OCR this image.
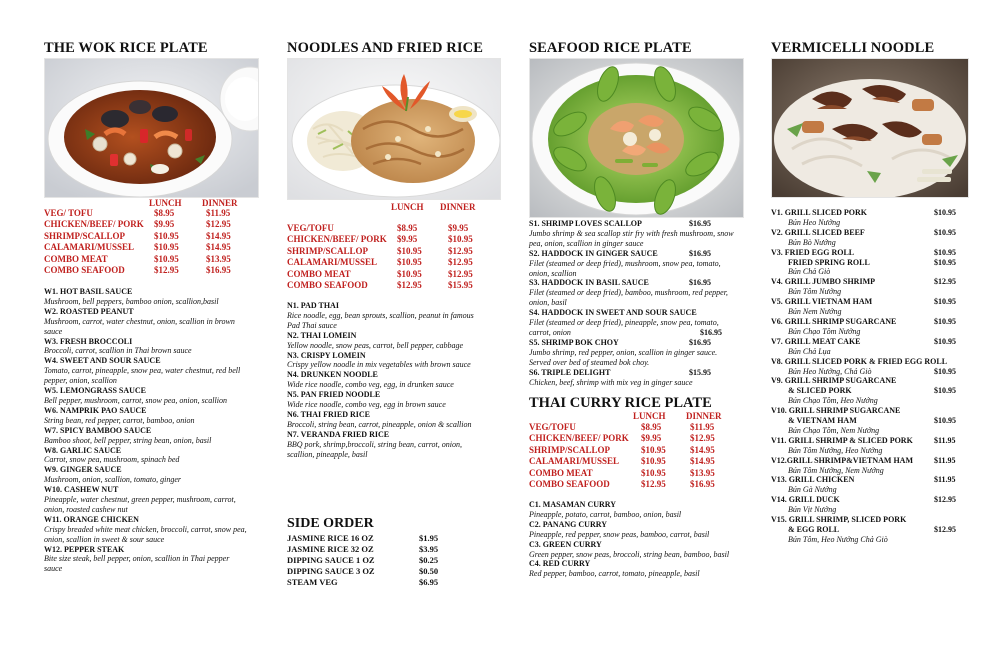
THE WOK RICE PLATE
LUNCH DINNER
VEG/ TOFU	$8.95	$11.95
CHICKEN/BEEF/ PORK $9.95	$12.95
SHRIMP/SCALLOP	$10.95	$14.95
CALAMARI/MUSSEL $10.95	$14.95
COMBO MEAT	$10.95	$13.95
COMBO SEAFOOD	$12.95	$16.95
W1. HOT BASIL SAUCE
Mushroom, bell peppers, bamboo onion, scallion,basil
W2. ROASTED PEANUT
Mushroom, carrot, water chestnut, onion, scallion in brown sauce
W3. FRESH BROCCOLI
Broccoli, carrot, scallion in Thai brown sauce
W4. SWEET AND SOUR SAUCE
Tomato, carrot, pineapple, snow pea, water chestnut, red bell pepper, onion, scallion
W5. LEMONGRASS SAUCE
Bell pepper, mushroom, carrot, snow pea, onion, scallion
W6. NAMPRIK PAO SAUCE
String bean, red pepper, carrot, bamboo, onion
W7. SPICY BAMBOO SAUCE
Bamboo shoot, bell pepper, string bean, onion, basil
W8. GARLIC SAUCE
Carrot, snow pea, mushroom, spinach bed
W9. GINGER SAUCE
Mushroom, onion, scallion, tomato, ginger
W10. CASHEW NUT
Pineapple, water chestnut, green pepper, mushroom, carrot, onion, roasted cashew nut
W11. ORANGE CHICKEN
Crispy breaded white meat chicken, broccoli, carrot, snow pea, onion, scallion in sweet & sour sauce
W12. PEPPER STEAK
Bite size steak, bell pepper, onion, scallion in Thai pepper sauce
NOODLES AND FRIED RICE
LUNCH DINNER
VEG/TOFU	$8.95	$9.95
CHICKEN/BEEF/ PORK $9.95	$10.95
SHRIMP/SCALLOP	$10.95	$12.95
CALAMARI/MUSSEL $10.95	$12.95
COMBO MEAT	$10.95	$12.95
COMBO SEAFOOD	$12.95	$15.95
N1. PAD THAI
Rice noodle, egg, bean sprouts, scallion, peanut in famous Pad Thai sauce
N2. THAI LOMEIN
Yellow noodle, snow peas, carrot, bell pepper, cabbage
N3. CRISPY LOMEIN
Crispy yellow noodle in mix vegetables with brown sauce
N4. DRUNKEN NOODLE
Wide rice noodle, combo veg, egg, in drunken sauce
N5. PAN FRIED NOODLE
Wide rice noodle, combo veg, egg in brown sauce
N6. THAI FRIED RICE
Broccoli, string bean, carrot, pineapple, onion & scallion
N7. VERANDA FRIED RICE
BBQ pork, shrimp,broccoli, string bean, carrot, onion, scallion, pineapple, basil
SIDE ORDER
JASMINE RICE 16 OZ	$1.95
JASMINE RICE 32 OZ	$3.95
DIPPING SAUCE 1 OZ	$0.25
DIPPING SAUCE 3 OZ	$0.50
STEAM VEG	$6.95
SEAFOOD RICE PLATE
S1. SHRIMP LOVES SCALLOP	$16.95
Jumbo shrimp & sea scallop stir fry with fresh mushroom, snow pea, onion, scallion in ginger sauce
S2. HADDOCK IN GINGER SAUCE	$16.95
Filet (steamed or deep fried), mushroom, snow pea, tomato, onion, scallion
S3. HADDOCK IN BASIL SAUCE	$16.95
Filet (steamed or deep fried), bamboo, mushroom, red pepper, onion, basil
S4. HADDOCK IN SWEET AND SOUR SAUCE
Filet (steamed or deep fried), pineapple, snow pea, tomato, carrot, onion	$16.95
S5. SHRIMP BOK CHOY	$16.95
Jumbo shrimp, red pepper, onion, scallion in ginger sauce. Served over bed of steamed bok choy.
S6. TRIPLE DELIGHT	$15.95
Chicken, beef, shrimp with mix veg in ginger sauce
THAI CURRY RICE PLATE
LUNCH DINNER
VEG/TOFU	$8.95	$11.95
CHICKEN/BEEF/ PORK $9.95	$12.95
SHRIMP/SCALLOP	$10.95	$14.95
CALAMARI/MUSSEL $10.95	$14.95
COMBO MEAT	$10.95	$13.95
COMBO SEAFOOD	$12.95	$16.95
C1. MASAMAN CURRY
Pineapple, potato, carrot, bamboo, onion, basil
C2. PANANG CURRY
Pineapple, red pepper, snow peas, bamboo, carrot, basil
C3. GREEN CURRY
Green pepper, snow peas, broccoli, string bean, bamboo, basil
C4. RED CURRY
Red pepper, bamboo, carrot, tomato, pineapple, basil
VERMICELLI NOODLE
V1. GRILL SLICED PORK	$10.95
Bún Heo Nướng
V2. GRILL SLICED BEEF	$10.95
Bún Bò Nướng
V3. FRIED EGG ROLL	$10.95
FRIED SPRING ROLL	$10.95
Bún Chả Giò
V4. GRILL JUMBO SHRIMP	$12.95
Bún Tôm Nướng
V5. GRILL VIETNAM HAM	$10.95
Bún Nem Nướng
V6. GRILL SHRIMP SUGARCANE	$10.95
Bún Chạo Tôm Nướng
V7. GRILL MEAT CAKE	$10.95
Bún Chả Lụa
V8. GRILL SLICED PORK & FRIED EGG ROLL
Bún Heo Nướng, Chả Giò	$10.95
V9. GRILL SHRIMP SUGARCANE
& SLICED PORK	$10.95
Bún Chạo Tôm, Heo Nướng
V10. GRILL SHRIMP SUGARCANE
& VIETNAM HAM	$10.95
Bún Chạo Tôm, Nem Nướng
V11. GRILL SHRIMP & SLICED PORK	$11.95
Bún Tôm Nướng, Heo Nướng
V12.GRILL SHRIMP&VIETNAM HAM	$11.95
Bún Tôm Nướng, Nem Nướng
V13. GRILL CHICKEN	$11.95
Bún Gà Nướng
V14. GRILL DUCK	$12.95
Bún Vịt Nướng
V15. GRILL SHRIMP, SLICED PORK
& EGG ROLL	$12.95
Bún Tôm, Heo Nướng Chả Giò
